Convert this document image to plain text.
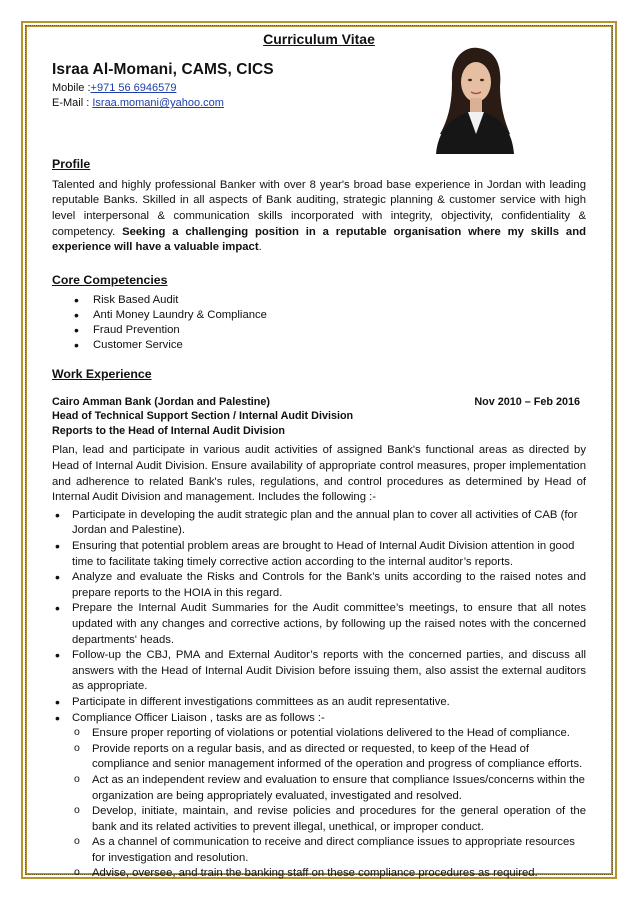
Curriculum Vitae
Israa Al-Momani, CAMS, CICS
Mobile :+971 56 6946579
E-Mail : Israa.momani@yahoo.com
Profile
Talented and highly professional Banker with over 8 year's broad base experience in Jordan with leading reputable Banks. Skilled in all aspects of Bank auditing, strategic planning & customer service with high level interpersonal & communication skills incorporated with integrity, objectivity, confidentiality & competency. Seeking a challenging position in a reputable organisation where my skills and experience will have a valuable impact.
Core Competencies
• Risk Based Audit
• Anti Money Laundry & Compliance
• Fraud Prevention
• Customer Service
Work Experience
Cairo Amman Bank (Jordan and Palestine)	Nov 2010 – Feb 2016
Head of Technical Support Section / Internal Audit Division
Reports to the Head of Internal Audit Division
Plan, lead and participate in various audit activities of assigned Bank's functional areas as directed by Head of Internal Audit Division. Ensure availability of appropriate control measures, proper implementation and adherence to related Bank's rules, regulations, and control procedures as determined by Head of Internal Audit Division and management. Includes the following :-
• Participate in developing the audit strategic plan and the annual plan to cover all activities of CAB (for Jordan and Palestine).
• Ensuring that potential problem areas are brought to Head of Internal Audit Division attention in good time to facilitate taking timely corrective action according to the internal auditor’s reports.
• Analyze and evaluate the Risks and Controls for the Bank’s units according to the raised notes and prepare reports to the HOIA in this regard.
• Prepare the Internal Audit Summaries for the Audit committee’s meetings, to ensure that all notes updated with any changes and corrective actions, by following up the raised notes with the concerned departments' heads.
• Follow-up the CBJ, PMA and External Auditor’s reports with the concerned parties, and discuss all answers with the Head of Internal Audit Division before issuing them, also assist the external auditors as appropriate.
• Participate in different investigations committees as an audit representative.
• Compliance Officer Liaison , tasks are as follows :-
o Ensure proper reporting of violations or potential violations delivered to the Head of compliance.
o Provide reports on a regular basis, and as directed or requested, to keep of the Head of compliance and senior management informed of the operation and progress of compliance efforts.
o Act as an independent review and evaluation to ensure that compliance Issues/concerns within the organization are being appropriately evaluated, investigated and resolved.
o Develop, initiate, maintain, and revise policies and procedures for the general operation of the bank and its related activities to prevent illegal, unethical, or improper conduct.
o As a channel of communication to receive and direct compliance issues to appropriate resources for investigation and resolution.
o Advise, oversee, and train the banking staff on these compliance procedures as required.
